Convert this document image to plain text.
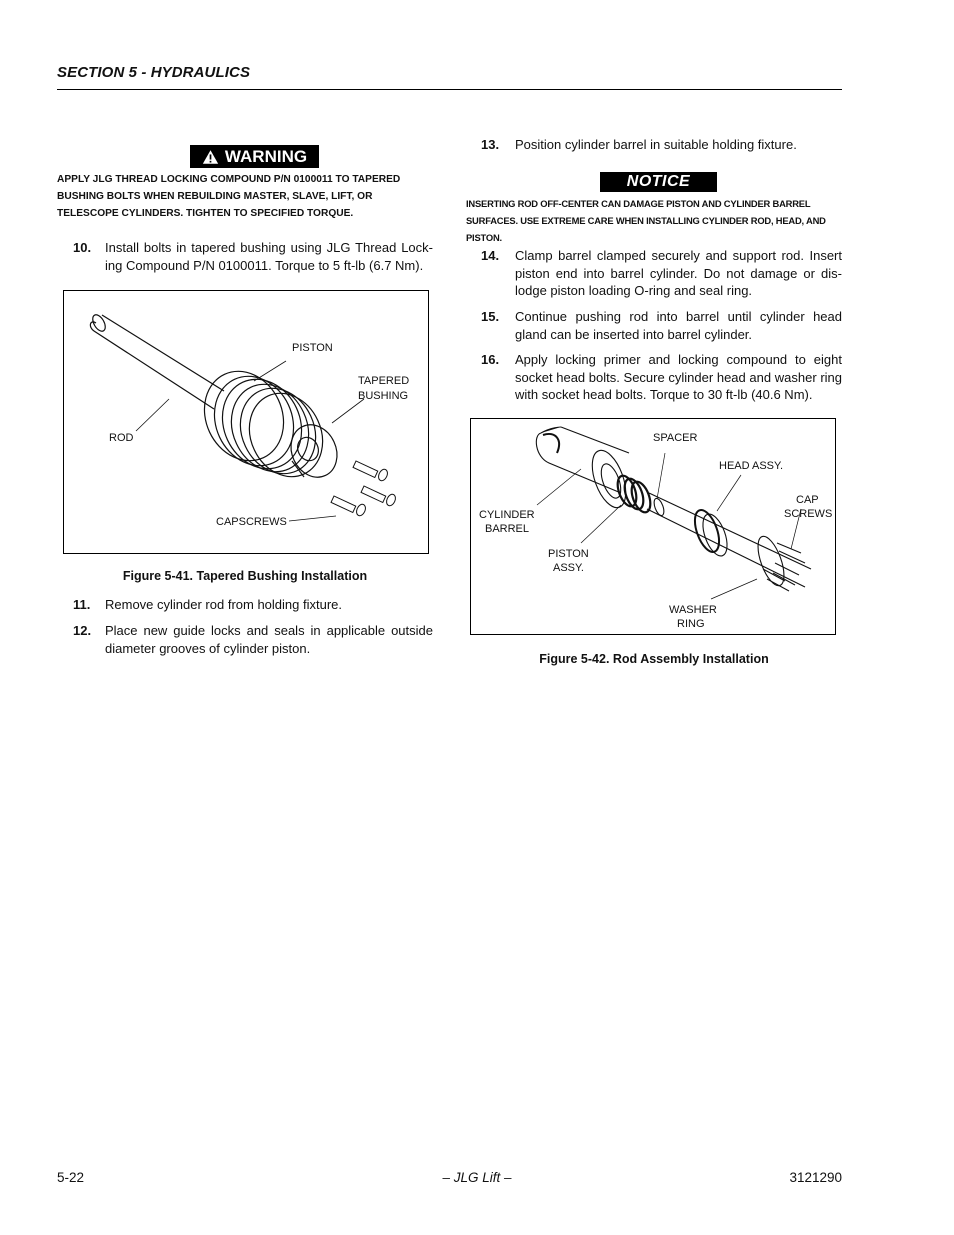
SECTION 5 - HYDRAULICS
WARNING
APPLY JLG THREAD LOCKING COMPOUND P/N 0100011 TO TAPERED BUSHING BOLTS WHEN REBUILDING MASTER, SLAVE, LIFT, OR TELESCOPE CYLINDERS. TIGHTEN TO SPECIFIED TORQUE.
10. Install bolts in tapered bushing using JLG Thread Lock-ing Compound P/N 0100011. Torque to 5 ft-lb (6.7 Nm).
PISTON
TAPERED
BUSHING
ROD
CAPSCREWS
Figure 5-41. Tapered Bushing Installation
11. Remove cylinder rod from holding fixture.
12. Place new guide locks and seals in applicable outside diameter grooves of cylinder piston.
13. Position cylinder barrel in suitable holding fixture.
NOTICE
INSERTING ROD OFF-CENTER CAN DAMAGE PISTON AND CYLINDER BARREL SURFACES. USE EXTREME CARE WHEN INSTALLING CYLINDER ROD, HEAD, AND PISTON.
14. Clamp barrel clamped securely and support rod. Insert piston end into barrel cylinder. Do not damage or dis-lodge piston loading O-ring and seal ring.
15. Continue pushing rod into barrel until cylinder head gland can be inserted into barrel cylinder.
16. Apply locking primer and locking compound to eight socket head bolts. Secure cylinder head and washer ring with socket head bolts. Torque to 30 ft-lb (40.6 Nm).
SPACER
HEAD ASSY.
CAP
SCREWS
CYLINDER
BARREL
PISTON
ASSY.
WASHER
RING
Figure 5-42. Rod Assembly Installation
5-22	– JLG Lift –	3121290
